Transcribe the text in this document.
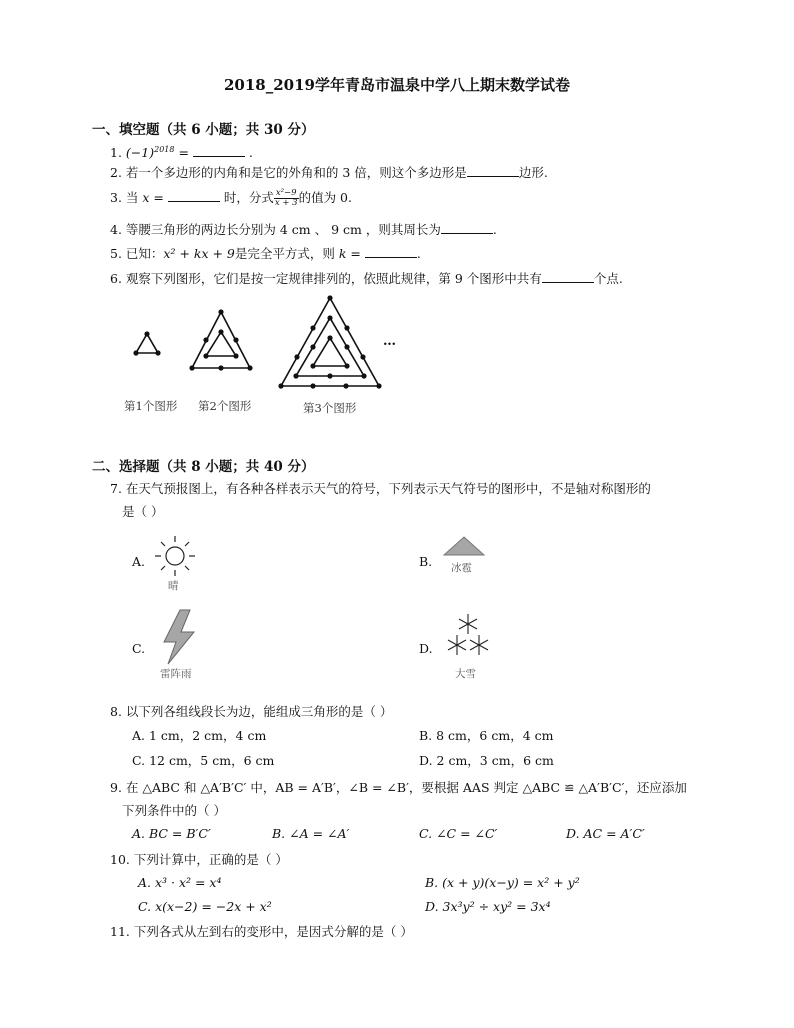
2018_2019学年青岛市温泉中学八上期末数学试卷
一、填空题（共 6 小题；共 30 分）
1. $(-1)^{2018}$ =	.
2. 若一个多边形的内角和是它的外角和的 3 倍，则这个多边形是	边形.
3. 当 x =	时，分式 $\frac{\text{x²−9}}{x + 3}$ 的值为 0.
4. 等腰三角形的两边长分别为 4 cm 、 9 cm ，则其周长为	.
5. 已知：x² + kx + 9是完全平方式，则 k =	.
6. 观察下列图形，它们是按一定规律排列的，依照此规律，第 9 个图形中共有	个点.
…
第1个图形 第2个图形	第3个图形
二、选择题（共 8 小题；共 40 分）
7. 在天气预报图上，有各种各样表示天气的符号，下列表示天气符号的图形中，不是轴对称图形的
是（ ）
A.
晴
B. 冰雹
C.
雷阵雨
D.
大雪
8. 以下列各组线段长为边，能组成三角形的是（ ）
A. 1 cm，2 cm，4 cm	B. 8 cm，6 cm，4 cm
C. 12 cm，5 cm，6 cm	D. 2 cm，3 cm，6 cm
9. 在 △ABC 和 △A′B′C′ 中，AB = A′B′，∠B = ∠B′，要根据 AAS 判定 △ABC ≌ △A′B′C′，还应添加
下列条件中的（ ）
A. BC = B′C′	B. ∠A = ∠A′	C. ∠C = ∠C′	D. AC = A′C′
10. 下列计算中，正确的是（ ）
A. x³ · x² = x⁴	B. (x + y)(x−y) = x² + y²
C. x(x−2) = −2x + x²	D. 3x³y² ÷ xy² = 3x⁴
11. 下列各式从左到右的变形中，是因式分解的是（ ）
